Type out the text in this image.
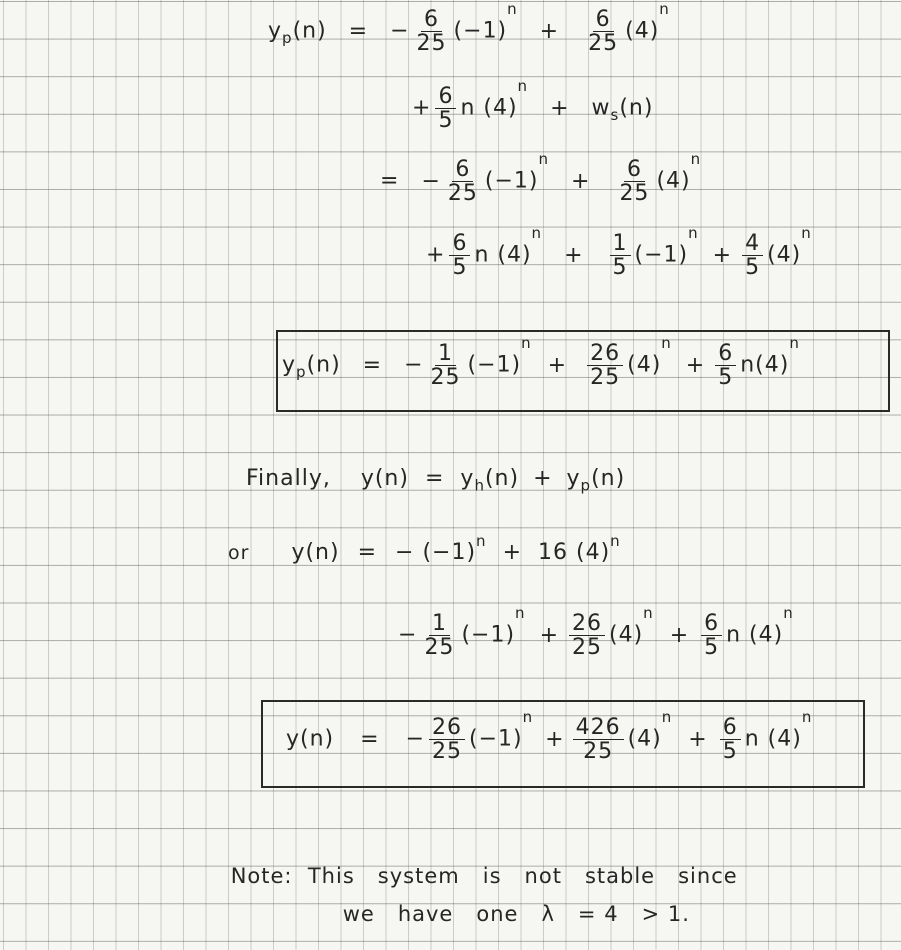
$y_p(n)$ = − $\frac{6}{25} (-1)^n + \frac{6}{25} (4)^n$
+ $\frac{6}{5}$ n $(4)^n + w_s(n)$
= − $\frac{6}{25} (-1)^n + \frac{6}{25} (4)^n$
+ $\frac{6}{5}$ n $(4)^n + \frac{1}{5} (-1)^n + \frac{4}{5} (4)^n$
$y_p(n)$ = − $\frac{1}{25} (-1)^n + \frac{26}{25} (4)^n + \frac{6}{5} n(4)^n$
Finally, $y(n) = y_h(n) + y_p(n)$
or y(n) = − $(-1)^n + 16$ $(4)^n$
− $\frac{1}{25} (-1)^n + \frac{26}{25} (4)^n + \frac{6}{5}$ n $(4)^n$
y(n) = − $\frac{26}{25} (-1)^n + \frac{426}{25} (4)^n + \frac{6}{5}$ n $(4)^n$

Note: This   system   is   not   stable   since

we   have   one   λ   = 4   > 1.
